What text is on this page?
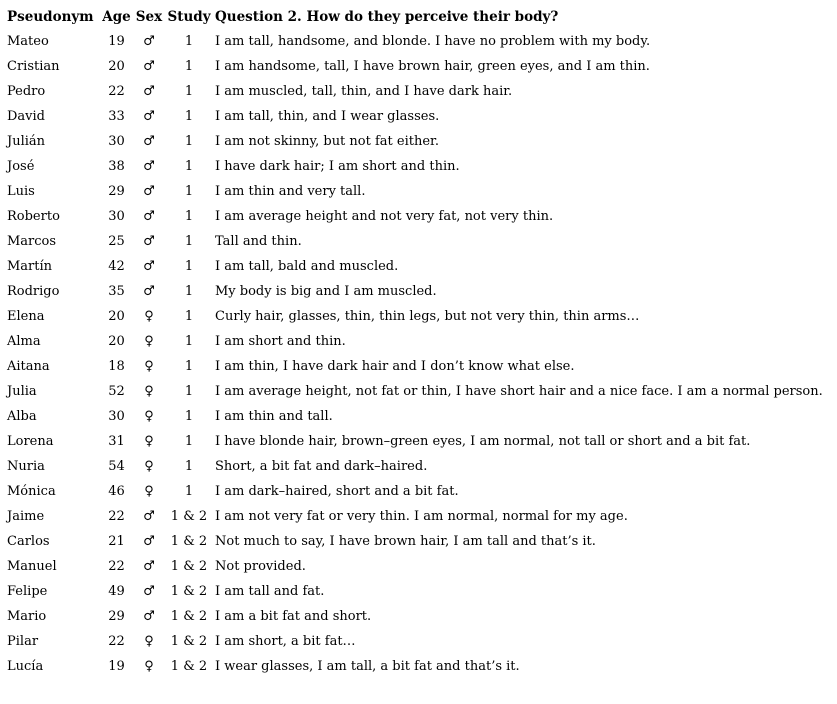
Pseudonym	Age	Sex	Study	Question 2. How do they perceive their body?
Mateo	19	♂	1	I am tall, handsome, and blonde. I have no problem with my body.
Cristian	20	♂	1	I am handsome, tall, I have brown hair, green eyes, and I am thin.
Pedro	22	♂	1	I am muscled, tall, thin, and I have dark hair.
David	33	♂	1	I am tall, thin, and I wear glasses.
Julián	30	♂	1	I am not skinny, but not fat either.
José	38	♂	1	I have dark hair; I am short and thin.
Luis	29	♂	1	I am thin and very tall.
Roberto	30	♂	1	I am average height and not very fat, not very thin.
Marcos	25	♂	1	Tall and thin.
Martín	42	♂	1	I am tall, bald and muscled.
Rodrigo	35	♂	1	My body is big and I am muscled.
Elena	20	♀	1	Curly hair, glasses, thin, thin legs, but not very thin, thin arms…
Alma	20	♀	1	I am short and thin.
Aitana	18	♀	1	I am thin, I have dark hair and I don’t know what else.
Julia	52	♀	1	I am average height, not fat or thin, I have short hair and a nice face. I am a normal person.
Alba	30	♀	1	I am thin and tall.
Lorena	31	♀	1	I have blonde hair, brown–green eyes, I am normal, not tall or short and a bit fat.
Nuria	54	♀	1	Short, a bit fat and dark–haired.
Mónica	46	♀	1	I am dark–haired, short and a bit fat.
Jaime	22	♂	1 & 2	I am not very fat or very thin. I am normal, normal for my age.
Carlos	21	♂	1 & 2	Not much to say, I have brown hair, I am tall and that’s it.
Manuel	22	♂	1 & 2	Not provided.
Felipe	49	♂	1 & 2	I am tall and fat.
Mario	29	♂	1 & 2	I am a bit fat and short.
Pilar	22	♀	1 & 2	I am short, a bit fat…
Lucía	19	♀	1 & 2	I wear glasses, I am tall, a bit fat and that’s it.
